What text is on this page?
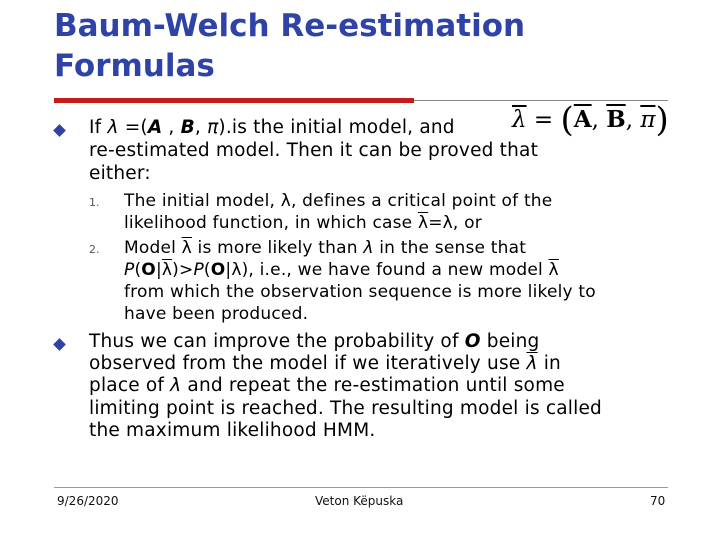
Baum-Welch Re-estimation Formulas
$\overline{\lambda} = (\overline{A}$, $\overline{B}$, $\overline{\pi}$)
If λ =(A , B, π).is the initial model, and
re-estimated model. Then it can be proved that
either:
1. The initial model, λ, defines a critical point of the
likelihood function, in which case $\overline{\lambda}=\lambda$, or
2. Model $\overline{\lambda}$ is more likely than λ in the sense that
$P(O|\overline{\lambda})>P(O|\lambda)$, i.e., we have found a new model $\overline{\lambda}$
from which the observation sequence is more likely to
have been produced.
Thus we can improve the probability of O being
observed from the model if we iteratively use $\overline{\lambda}$ in
place of λ and repeat the re-estimation until some
limiting point is reached. The resulting model is called
the maximum likelihood HMM.
9/26/2020	Veton Këpuska	70
